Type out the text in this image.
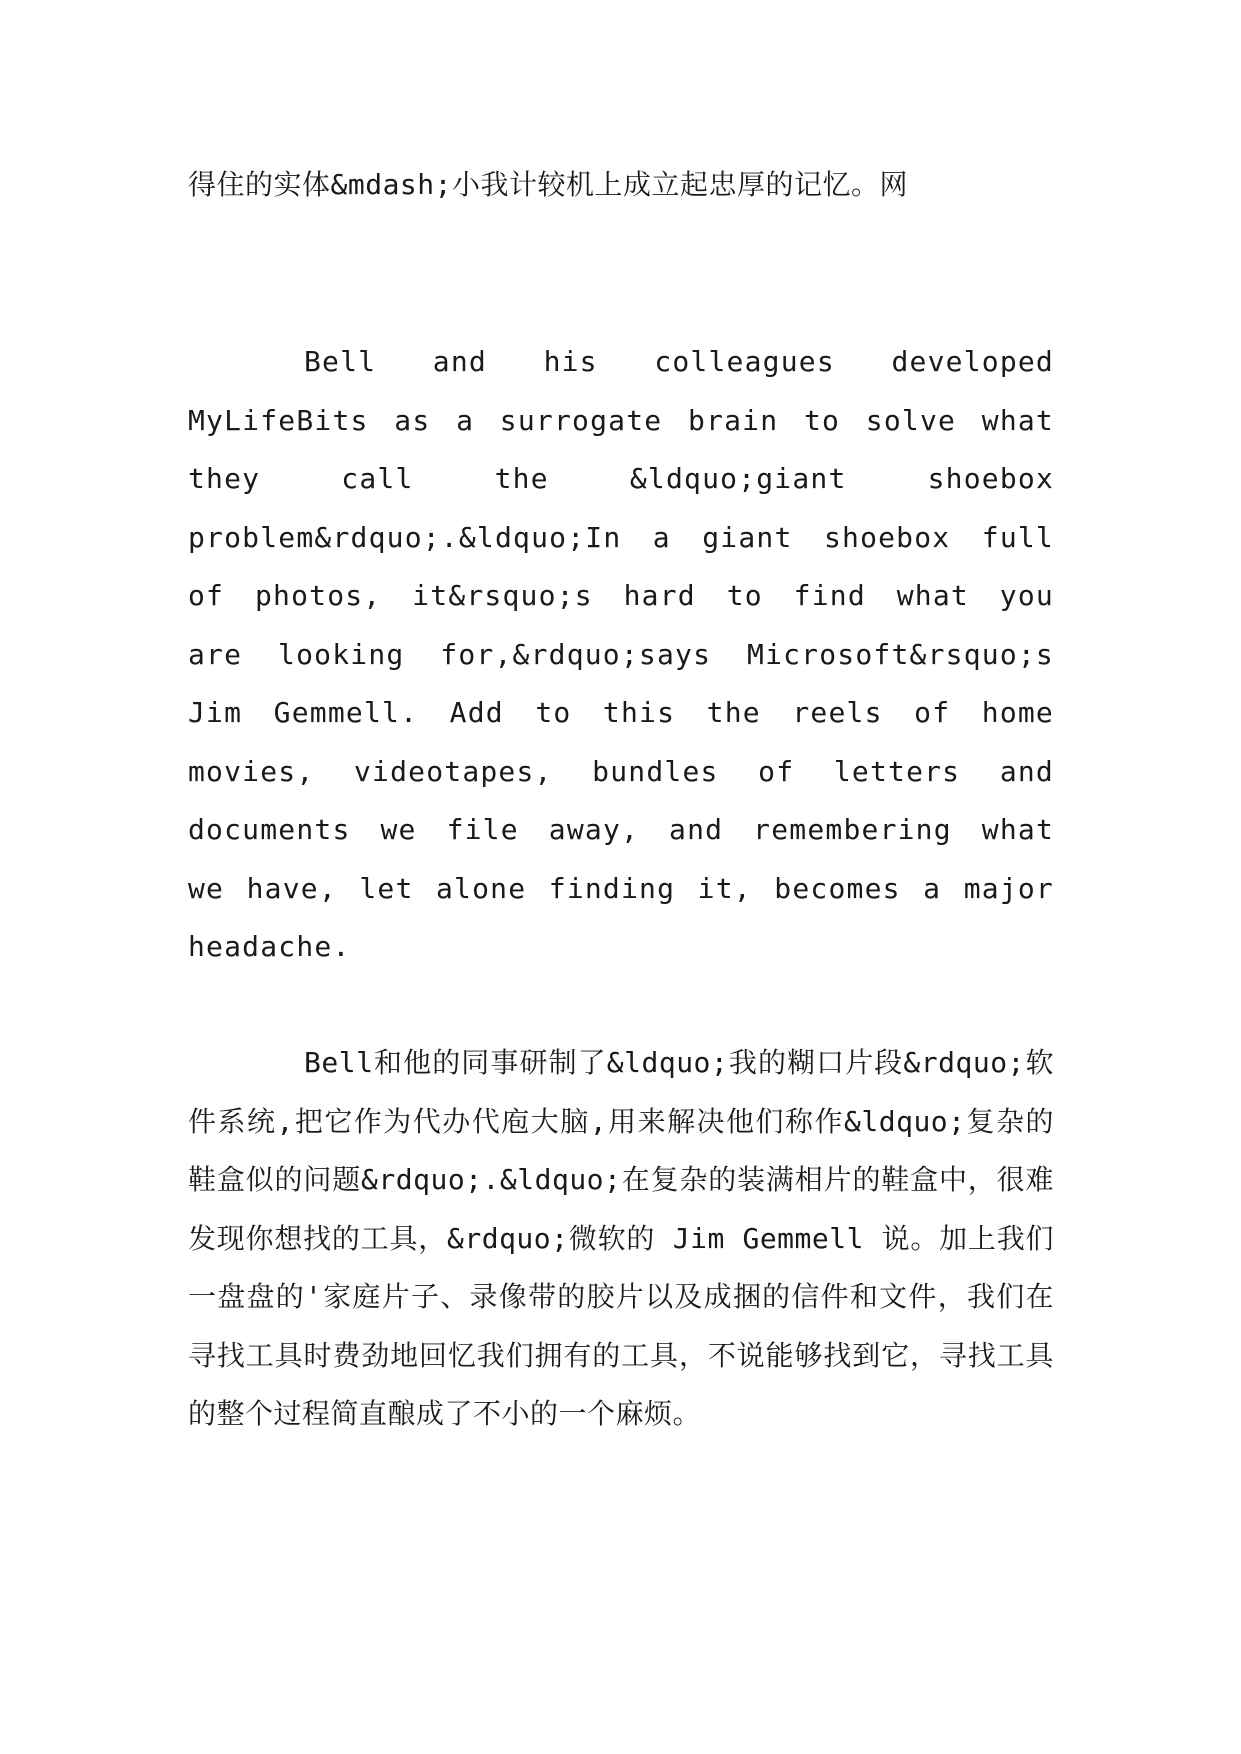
得住的实体&mdash;小我计较机上成立起忠厚的记忆。网

Bell and his colleagues developed MyLifeBits as a surrogate brain to solve what they call the &ldquo;giant shoebox problem&rdquo;.&ldquo;In a giant shoebox full of photos, it&rsquo;s hard to find what you are looking for,&rdquo;says Microsoft&rsquo;s Jim Gemmell. Add to this the reels of home movies, videotapes, bundles of letters and documents we file away, and remembering what we have, let alone finding it, becomes a major headache.

Bell和他的同事研制了&ldquo;我的糊口片段&rdquo;软件系统,把它作为代办代庖大脑,用来解决他们称作&ldquo;复杂的鞋盒似的问题&rdquo;.&ldquo;在复杂的装满相片的鞋盒中，很难发现你想找的工具，&rdquo;微软的 Jim Gemmell 说。加上我们一盘盘的'家庭片子、录像带的胶片以及成捆的信件和文件，我们在寻找工具时费劲地回忆我们拥有的工具，不说能够找到它，寻找工具的整个过程简直酿成了不小的一个麻烦。
